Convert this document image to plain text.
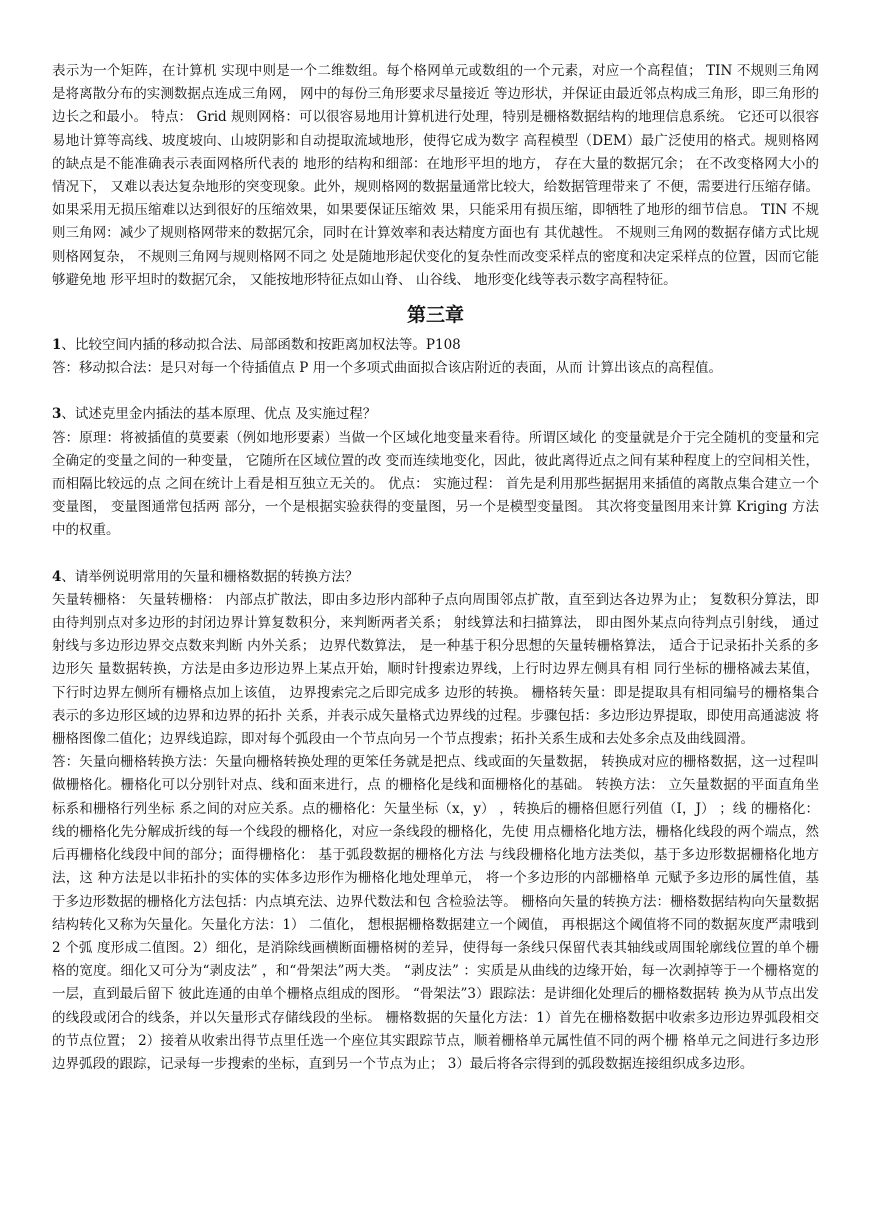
表示为一个矩阵，在计算机 实现中则是一个二维数组。每个格网单元或数组的一个元素，对应一个高程值； TIN 不规则三角网是将离散分布的实测数据点连成三角网， 网中的每份三角形要求尽量接近 等边形状，并保证由最近邻点构成三角形，即三角形的边长之和最小。 特点： Grid 规则网格：可以很容易地用计算机进行处理，特别是栅格数据结构的地理信息系统。 它还可以很容易地计算等高线、坡度坡向、山坡阴影和自动提取流域地形，使得它成为数字 高程模型（DEM）最广泛使用的格式。规则格网的缺点是不能准确表示表面网格所代表的 地形的结构和细部：在地形平坦的地方， 存在大量的数据冗余； 在不改变格网大小的情况下， 又难以表达复杂地形的突变现象。此外，规则格网的数据量通常比较大，给数据管理带来了 不便，需要进行压缩存储。如果采用无损压缩难以达到很好的压缩效果，如果要保证压缩效 果，只能采用有损压缩，即牺牲了地形的细节信息。 TIN 不规则三角网：减少了规则格网带来的数据冗余，同时在计算效率和表达精度方面也有 其优越性。 不规则三角网的数据存储方式比规则格网复杂， 不规则三角网与规则格网不同之 处是随地形起伏变化的复杂性而改变采样点的密度和决定采样点的位置，因而它能够避免地 形平坦时的数据冗余， 又能按地形特征点如山脊、 山谷线、 地形变化线等表示数字高程特征。

第三章

1、比较空间内插的移动拟合法、局部函数和按距离加权法等。P108

答：移动拟合法：是只对每一个待插值点 P 用一个多项式曲面拟合该店附近的表面，从而 计算出该点的高程值。

3、试述克里金内插法的基本原理、优点 及实施过程？

答：原理：将被插值的莫要素（例如地形要素）当做一个区域化地变量来看待。所谓区域化 的变量就是介于完全随机的变量和完全确定的变量之间的一种变量， 它随所在区域位置的改 变而连续地变化，因此，彼此离得近点之间有某种程度上的空间相关性，而相隔比较远的点 之间在统计上看是相互独立无关的。 优点： 实施过程： 首先是利用那些据据用来插值的离散点集合建立一个变量图， 变量图通常包括两 部分，一个是根据实验获得的变量图，另一个是模型变量图。 其次将变量图用来计算 Kriging 方法中的权重。

4、请举例说明常用的矢量和栅格数据的转换方法？

矢量转栅格： 矢量转栅格： 内部点扩散法，即由多边形内部种子点向周围邻点扩散，直至到达各边界为止； 复数积分算法，即由待判别点对多边形的封闭边界计算复数积分，来判断两者关系； 射线算法和扫描算法， 即由图外某点向待判点引射线， 通过射线与多边形边界交点数来判断 内外关系； 边界代数算法， 是一种基于积分思想的矢量转栅格算法， 适合于记录拓扑关系的多边形矢 量数据转换，方法是由多边形边界上某点开始，顺时针搜索边界线，上行时边界左侧具有相 同行坐标的栅格减去某值， 下行时边界左侧所有栅格点加上该值， 边界搜索完之后即完成多 边形的转换。 栅格转矢量：即是提取具有相同编号的栅格集合表示的多边形区域的边界和边界的拓扑 关系，并表示成矢量格式边界线的过程。步骤包括：多边形边界提取，即使用高通滤波 将栅格图像二值化；边界线追踪，即对每个弧段由一个节点向另一个节点搜索；拓扑关系生成和去处多余点及曲线圆滑。

答：矢量向栅格转换方法：矢量向栅格转换处理的更笨任务就是把点、线或面的矢量数据， 转换成对应的栅格数据，这一过程叫做栅格化。栅格化可以分别针对点、线和面来进行，点 的栅格化是线和面栅格化的基础。 转换方法： 立矢量数据的平面直角坐标系和栅格行列坐标 系之间的对应关系。点的栅格化：矢量坐标（x，y） ，转换后的栅格但愿行列值（I，J） ；线 的栅格化：线的栅格化先分解成折线的每一个线段的栅格化，对应一条线段的栅格化，先使 用点栅格化地方法，栅格化线段的两个端点，然后再栅格化线段中间的部分；面得栅格化： 基于弧段数据的栅格化方法 与线段栅格化地方法类似，基于多边形数据栅格化地方法，这 种方法是以非拓扑的实体的实体多边形作为栅格化地处理单元， 将一个多边形的内部栅格单 元赋予多边形的属性值，基于多边形数据的栅格化方法包括：内点填充法、边界代数法和包 含检验法等。 栅格向矢量的转换方法：栅格数据结构向矢量数据结构转化又称为矢量化。矢量化方法：1） 二值化， 想根据栅格数据建立一个阈值， 再根据这个阈值将不同的数据灰度严肃哦到 2 个弧 度形成二值图。2）细化，是消除线画横断面栅格树的差异，使得每一条线只保留代表其轴线或周围轮廓线位置的单个栅格的宽度。细化又可分为“剥皮法” ，和“骨架法”两大类。 “剥皮法” ：实质是从曲线的边缘开始，每一次剥掉等于一个栅格宽的一层，直到最后留下 彼此连通的由单个栅格点组成的图形。 “骨架法”3）跟踪法：是讲细化处理后的栅格数据转 换为从节点出发的线段或闭合的线条，并以矢量形式存储线段的坐标。 栅格数据的矢量化方法：1）首先在栅格数据中收索多边形边界弧段相交的节点位置； 2）接着从收索出得节点里任选一个座位其实跟踪节点，顺着栅格单元属性值不同的两个栅 格单元之间进行多边形边界弧段的跟踪，记录每一步搜索的坐标，直到另一个节点为止； 3）最后将各宗得到的弧段数据连接组织成多边形。
